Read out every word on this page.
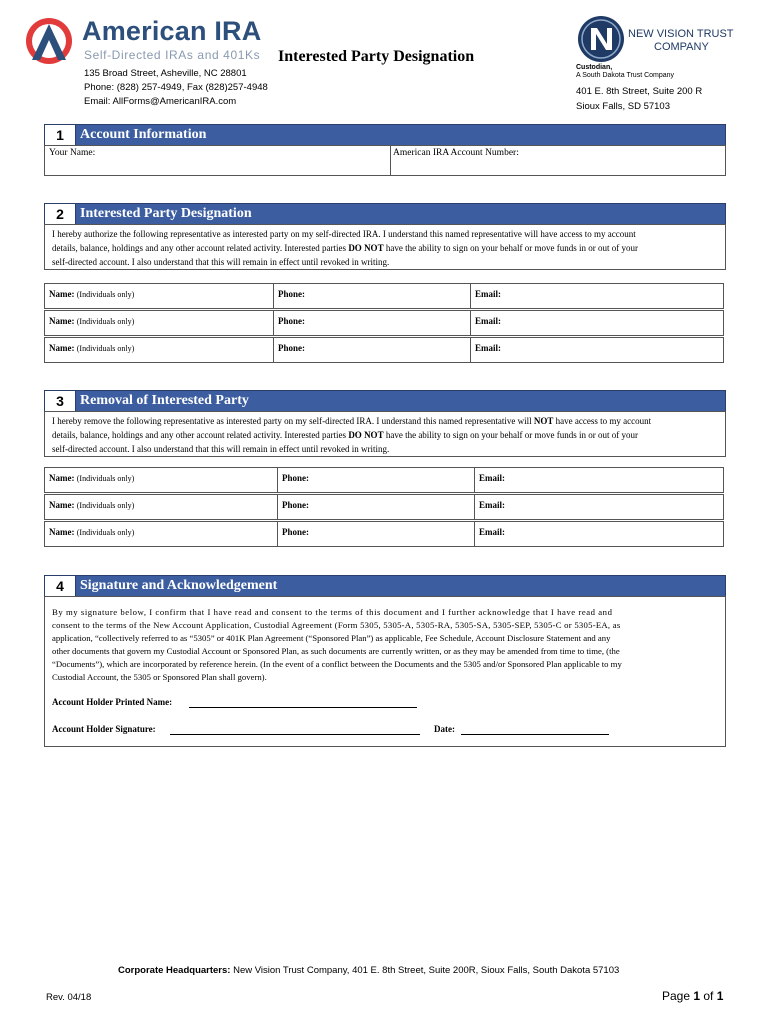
American IRA
Self-Directed IRAs and 401Ks Interested Party Designation
135 Broad Street, Asheville, NC 28801
Phone: (828) 257-4949, Fax (828)257-4948
Email: AllForms@AmericanIRA.com
NEW VISION TRUST
COMPANY
Custodian,
A South Dakota Trust Company
401 E. 8th Street, Suite 200 R
Sioux Falls, SD 57103
1	Account Information
Your Name:	American IRA Account Number:
2	Interested Party Designation
I hereby authorize the following representative as interested party on my self-directed IRA. I understand this named representative will have access to my account
details, balance, holdings and any other account related activity. Interested parties DO NOT have the ability to sign on your behalf or move funds in or out of your
self-directed account. I also understand that this will remain in effect until revoked in writing.
Name: (Individuals only)	Phone:	Email:
Name: (Individuals only)	Phone:	Email:
Name: (Individuals only)	Phone:	Email:
3	Removal of Interested Party
I hereby remove the following representative as interested party on my self-directed IRA. I understand this named representative will NOT have access to my account
details, balance, holdings and any other account related activity. Interested parties DO NOT have the ability to sign on your behalf or move funds in or out of your
self-directed account. I also understand that this will remain in effect until revoked in writing.
Name: (Individuals only)	Phone:	Email:
Name: (Individuals only)	Phone:	Email:
Name: (Individuals only)	Phone:	Email:
4	Signature and Acknowledgement
By my signature below, I confirm that I have read and consent to the terms of this document and I further acknowledge that I have read and
consent to the terms of the New Account Application, Custodial Agreement (Form 5305, 5305-A, 5305-RA, 5305-SA, 5305-SEP, 5305-C or 5305-EA, as
application, “collectively referred to as “5305” or 401K Plan Agreement (“Sponsored Plan”) as applicable, Fee Schedule, Account Disclosure Statement and any
other documents that govern my Custodial Account or Sponsored Plan, as such documents are currently written, or as they may be amended from time to time, (the
“Documents”), which are incorporated by reference herein. (In the event of a conflict between the Documents and the 5305 and/or Sponsored Plan applicable to my
Custodial Account, the 5305 or Sponsored Plan shall govern).
Account Holder Printed Name:
Account Holder Signature:	Date:
Corporate Headquarters: New Vision Trust Company, 401 E. 8th Street, Suite 200R, Sioux Falls, South Dakota 57103
Rev. 04/18	Page 1 of 1
